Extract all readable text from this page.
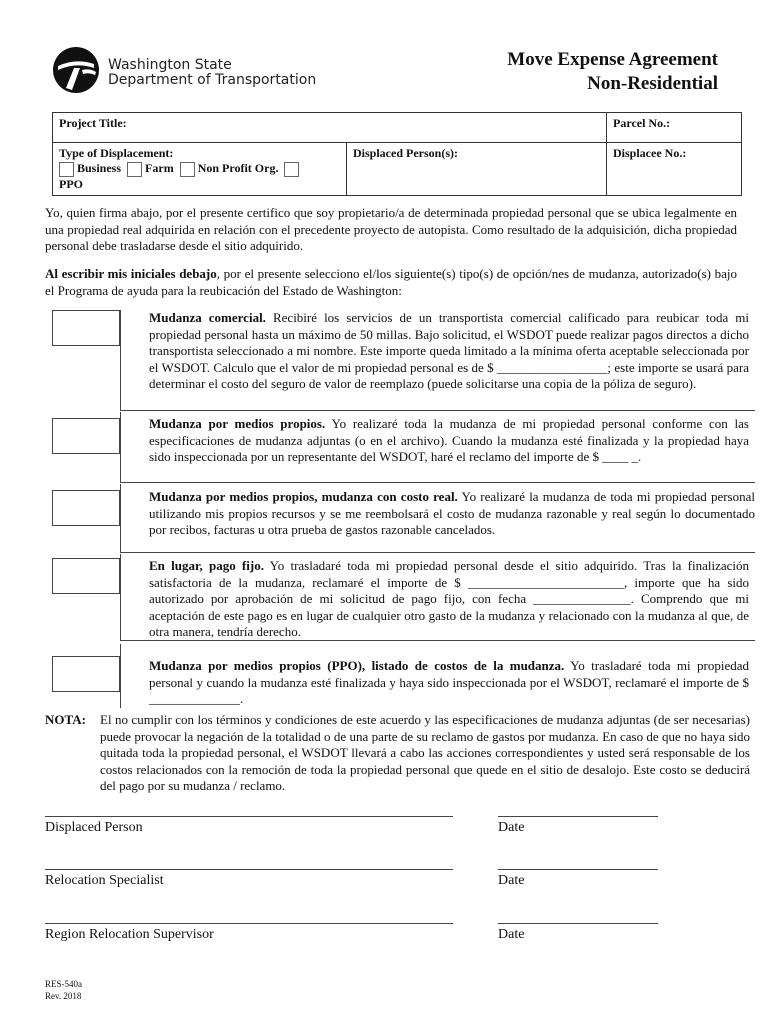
Washington State
Department of Transportation
Move Expense Agreement
Non-Residential
Project Title:		Parcel No.:

Type of Displacement:
Business Farm Non Profit Org.
PPO	Displaced Person(s):	Displacee No.:
Yo, quien firma abajo, por el presente certifico que soy propietario/a de determinada propiedad personal que se ubica legalmente en una propiedad real adquirida en relación con el precedente proyecto de autopista. Como resultado de la adquisición, dicha propiedad personal debe trasladarse desde el sitio adquirido.
Al escribir mis iniciales debajo, por el presente selecciono el/los siguiente(s) tipo(s) de opción/nes de mudanza, autorizado(s) bajo el Programa de ayuda para la reubicación del Estado de Washington:
Mudanza comercial. Recibiré los servicios de un transportista comercial calificado para reubicar toda mi propiedad personal hasta un máximo de 50 millas. Bajo solicitud, el WSDOT puede realizar pagos directos a dicho transportista seleccionado a mi nombre. Este importe queda limitado a la mínima oferta aceptable seleccionada por el WSDOT. Calculo que el valor de mi propiedad personal es de $ _________________; este importe se usará para determinar el costo del seguro de valor de reemplazo (puede solicitarse una copia de la póliza de seguro).
Mudanza por medios propios. Yo realizaré toda la mudanza de mi propiedad personal conforme con las especificaciones de mudanza adjuntas (o en el archivo). Cuando la mudanza esté finalizada y la propiedad haya sido inspeccionada por un representante del WSDOT, haré el reclamo del importe de $ ____ _.
Mudanza por medios propios, mudanza con costo real. Yo realizaré la mudanza de toda mi propiedad personal utilizando mis propios recursos y se me reembolsará el costo de mudanza razonable y real según lo documentado por recibos, facturas u otra prueba de gastos razonable cancelados.
En lugar, pago fijo. Yo trasladaré toda mi propiedad personal desde el sitio adquirido. Tras la finalización satisfactoria de la mudanza, reclamaré el importe de $ ________________________, importe que ha sido autorizado por aprobación de mi solicitud de pago fijo, con fecha _______________. Comprendo que mi aceptación de este pago es en lugar de cualquier otro gasto de la mudanza y relacionado con la mudanza al que, de otra manera, tendría derecho.
Mudanza por medios propios (PPO), listado de costos de la mudanza. Yo trasladaré toda mi propiedad personal y cuando la mudanza esté finalizada y haya sido inspeccionada por el WSDOT, reclamaré el importe de $ ______________.
NOTA: El no cumplir con los términos y condiciones de este acuerdo y las especificaciones de mudanza adjuntas (de ser necesarias) puede provocar la negación de la totalidad o de una parte de su reclamo de gastos por mudanza. En caso de que no haya sido quitada toda la propiedad personal, el WSDOT llevará a cabo las acciones correspondientes y usted será responsable de los costos relacionados con la remoción de toda la propiedad personal que quede en el sitio de desalojo. Este costo se deducirá del pago por su mudanza / reclamo.
Displaced Person	Date
Relocation Specialist	Date
Region Relocation Supervisor	Date
RES-540a
Rev. 2018
